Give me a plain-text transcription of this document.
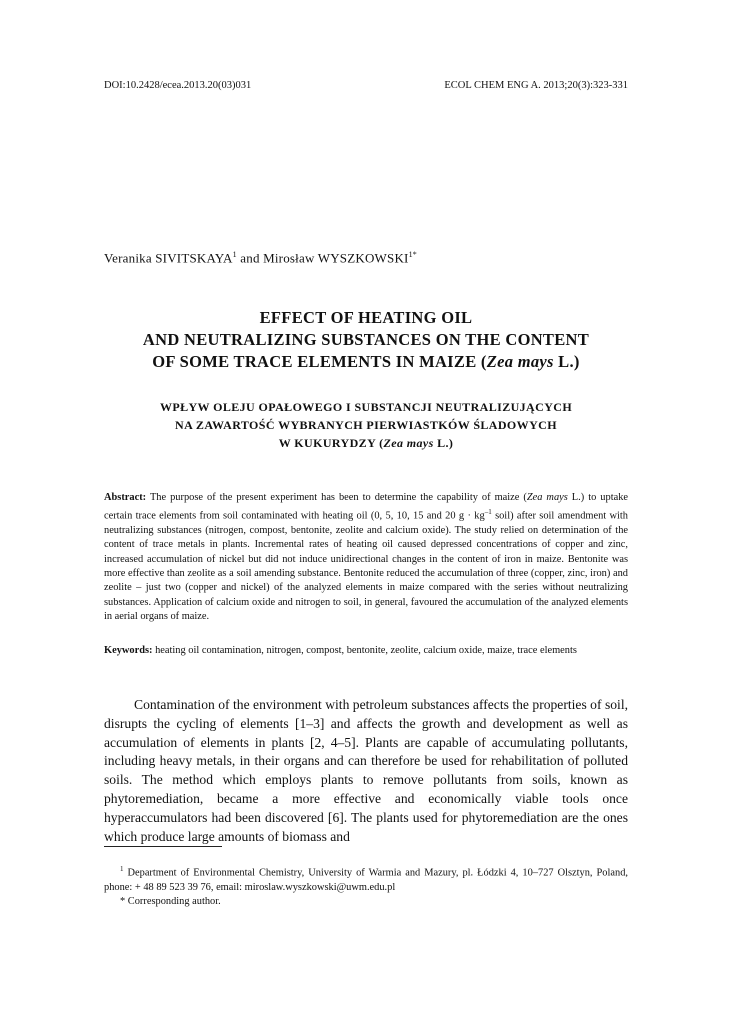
DOI:10.2428/ecea.2013.20(03)031	ECOL CHEM ENG A. 2013;20(3):323-331
Veranika SIVITSKAYA$^1$ and Mirosław $WYSZKOWSKI^{1*}$
EFFECT OF HEATING OIL
AND NEUTRALIZING SUBSTANCES ON THE CONTENT
OF SOME TRACE ELEMENTS IN MAIZE (Zea mays L.)
WPŁYW OLEJU OPAŁOWEGO I SUBSTANCJI NEUTRALIZUJĄCYCH
NA ZAWARTOŚĆ WYBRANYCH PIERWIASTKÓW ŚLADOWYCH
W KUKURYDZY (Zea mays L.)
Abstract: The purpose of the present experiment has been to determine the capability of maize (Zea mays L.) to uptake certain trace elements from soil contaminated with heating oil (0, 5, 10, 15 and 20 $g \cdot kg^{-1}$ soil) after soil amendment with neutralizing substances (nitrogen, compost, bentonite, zeolite and calcium oxide). The study relied on determination of the content of trace metals in plants. Incremental rates of heating oil caused depressed concentrations of copper and zinc, increased accumulation of nickel but did not induce unidirectional changes in the content of iron in maize. Bentonite was more effective than zeolite as a soil amending substance. Bentonite reduced the accumulation of three (copper, zinc, iron) and zeolite – just two (copper and nickel) of the analyzed elements in maize compared with the series without neutralizing substances. Application of calcium oxide and nitrogen to soil, in general, favoured the accumulation of the analyzed elements in aerial organs of maize.
Keywords: heating oil contamination, nitrogen, compost, bentonite, zeolite, calcium oxide, maize, trace elements

Contamination of the environment with petroleum substances affects the properties of soil, disrupts the cycling of elements [1–3] and affects the growth and development as well as accumulation of elements in plants [2, 4–5]. Plants are capable of accumulating pollutants, including heavy metals, in their organs and can therefore be used for rehabilitation of polluted soils. The method which employs plants to remove pollutants from soils, known as phytoremediation, became a more effective and economically viable tools once hyperaccumulators had been discovered [6]. The plants used for phytoremediation are the ones which produce large amounts of biomass and

$^1$ Department of Environmental Chemistry, University of Warmia and Mazury, pl. Łódzki 4, 10–727 Olsztyn, Poland, phone: + 48 89 523 39 76, email: miroslaw.wyszkowski@uwm.edu.pl
* Corresponding author.
